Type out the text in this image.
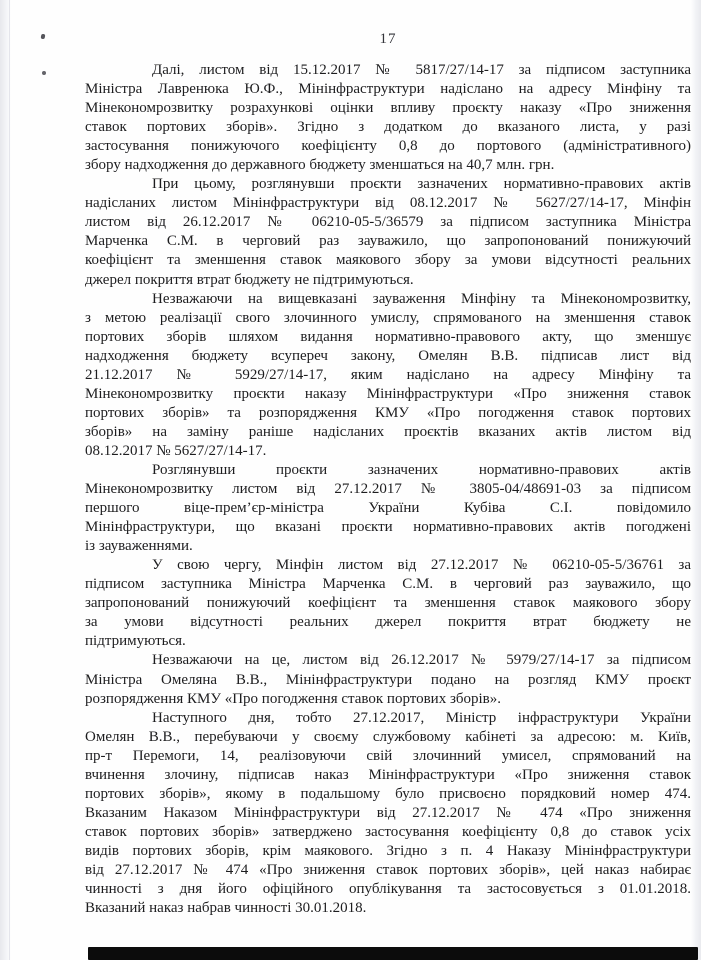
17
Далі, листом від 15.12.2017 № 5817/27/14-17 за підписом заступника
Міністра Лавренюка Ю.Ф., Мінінфраструктури надіслано на адресу Мінфіну та
Мінекономрозвитку розрахункові оцінки впливу проєкту наказу «Про зниження
ставок портових зборів». Згідно з додатком до вказаного листа, у разі
застосування понижуючого коефіцієнту 0,8 до портового (адміністративного)
збору надходження до державного бюджету зменшаться на 40,7 млн. грн.
При цьому, розглянувши проєкти зазначених нормативно-правових актів
надісланих листом Мінінфраструктури від 08.12.2017 № 5627/27/14-17, Мінфін
листом від 26.12.2017 № 06210-05-5/36579 за підписом заступника Міністра
Марченка С.М. в черговий раз зауважило, що запропонований понижуючий
коефіцієнт та зменшення ставок маякового збору за умови відсутності реальних
джерел покриття втрат бюджету не підтримуються.
Незважаючи на вищевказані зауваження Мінфіну та Мінекономрозвитку,
з метою реалізації свого злочинного умислу, спрямованого на зменшення ставок
портових зборів шляхом видання нормативно-правового акту, що зменшує
надходження бюджету всупереч закону, Омелян В.В. підписав лист від
21.12.2017 № 5929/27/14-17, яким надіслано на адресу Мінфіну та
Мінекономрозвитку проєкти наказу Мінінфраструктури «Про зниження ставок
портових зборів» та розпорядження КМУ «Про погодження ставок портових
зборів» на заміну раніше надісланих проєктів вказаних актів листом від
08.12.2017 № 5627/27/14-17.
Розглянувши проєкти зазначених нормативно-правових актів
Мінекономрозвитку листом від 27.12.2017 № 3805-04/48691-03 за підписом
першого віце-прем’єр-міністра України Кубіва С.І. повідомило
Мінінфраструктури, що вказані проєкти нормативно-правових актів погоджені
із зауваженнями.
У свою чергу, Мінфін листом від 27.12.2017 № 06210-05-5/36761 за
підписом заступника Міністра Марченка С.М. в черговий раз зауважило, що
запропонований понижуючий коефіцієнт та зменшення ставок маякового збору
за умови відсутності реальних джерел покриття втрат бюджету не
підтримуються.
Незважаючи на це, листом від 26.12.2017 № 5979/27/14-17 за підписом
Міністра Омеляна В.В., Мінінфраструктури подано на розгляд КМУ проєкт
розпорядження КМУ «Про погодження ставок портових зборів».
Наступного дня, тобто 27.12.2017, Міністр інфраструктури України
Омелян В.В., перебуваючи у своєму службовому кабінеті за адресою: м. Київ,
пр-т Перемоги, 14, реалізовуючи свій злочинний умисел, спрямований на
вчинення злочину, підписав наказ Мінінфраструктури «Про зниження ставок
портових зборів», якому в подальшому було присвоєно порядковий номер 474.
Вказаним Наказом Мінінфраструктури від 27.12.2017 № 474 «Про зниження
ставок портових зборів» затверджено застосування коефіцієнту 0,8 до ставок усіх
видів портових зборів, крім маякового. Згідно з п. 4 Наказу Мінінфраструктури
від 27.12.2017 № 474 «Про зниження ставок портових зборів», цей наказ набирає
чинності з дня його офіційного опублікування та застосовується з 01.01.2018.
Вказаний наказ набрав чинності 30.01.2018.
